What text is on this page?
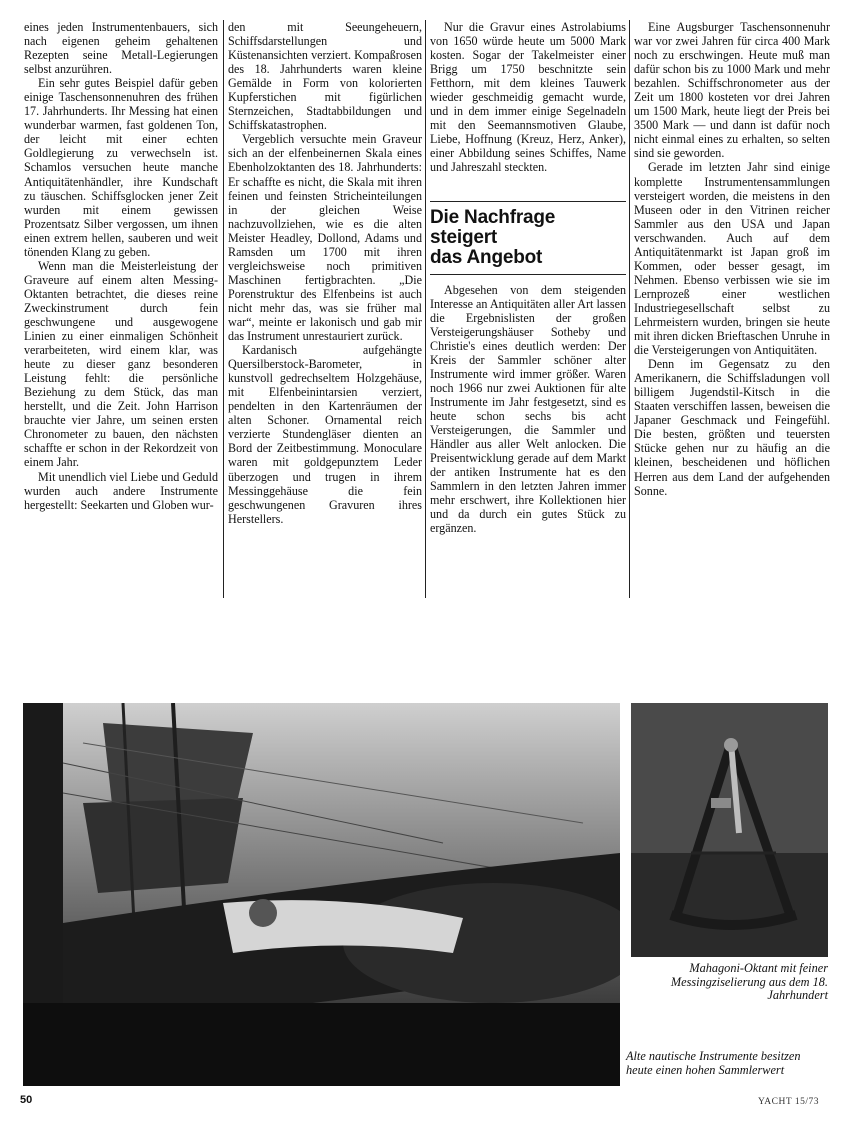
eines jeden Instrumentenbauers, sich nach eigenen geheim gehaltenen Rezepten seine Metall-Legierungen selbst anzurühren.

Ein sehr gutes Beispiel dafür geben einige Taschensonnenuhren des frühen 17. Jahrhunderts. Ihr Messing hat einen wunderbar warmen, fast goldenen Ton, der leicht mit einer echten Goldlegierung zu verwechseln ist. Schamlos versuchen heute manche Antiquitätenhändler, ihre Kundschaft zu täuschen. Schiffsglocken jener Zeit wurden mit einem gewissen Prozentsatz Silber vergossen, um ihnen einen extrem hellen, sauberen und weit tönenden Klang zu geben.

Wenn man die Meisterleistung der Graveure auf einem alten Messing-Oktanten betrachtet, die dieses reine Zweckinstrument durch fein geschwungene und ausgewogene Linien zu einer einmaligen Schönheit verarbeiteten, wird einem klar, was heute zu dieser ganz besonderen Leistung fehlt: die persönliche Beziehung zu dem Stück, das man herstellt, und die Zeit. John Harrison brauchte vier Jahre, um seinen ersten Chronometer zu bauen, den nächsten schaffte er schon in der Rekordzeit von einem Jahr.

Mit unendlich viel Liebe und Geduld wurden auch andere Instrumente hergestellt: Seekarten und Globen wur-

den mit Seeungeheuern, Schiffsdarstellungen und Küstenansichten verziert. Kompaßrosen des 18. Jahrhunderts waren kleine Gemälde in Form von kolorierten Kupferstichen mit figürlichen Sternzeichen, Stadtabbildungen und Schiffskatastrophen.

Vergeblich versuchte mein Graveur sich an der elfenbeinernen Skala eines Ebenholzoktanten des 18. Jahrhunderts: Er schaffte es nicht, die Skala mit ihren feinen und feinsten Stricheinteilungen in der gleichen Weise nachzuvollziehen, wie es die alten Meister Headley, Dollond, Adams und Ramsden um 1700 mit ihren vergleichsweise noch primitiven Maschinen fertigbrachten. „Die Porenstruktur des Elfenbeins ist auch nicht mehr das, was sie früher mal war“, meinte er lakonisch und gab mir das Instrument unrestauriert zurück.

Kardanisch aufgehängte Quersilberstock-Barometer, in kunstvoll gedrechseltem Holzgehäuse, mit Elfenbeinintarsien verziert, pendelten in den Kartenräumen der alten Schoner. Ornamental reich verzierte Stundengläser dienten an Bord der Zeitbestimmung. Monoculare waren mit goldgepunztem Leder überzogen und trugen in ihrem Messinggehäuse die fein geschwungenen Gravuren ihres Herstellers.

Nur die Gravur eines Astrolabiums von 1650 würde heute um 5000 Mark kosten. Sogar der Takelmeister einer Brigg um 1750 beschnitzte sein Fetthorn, mit dem kleines Tauwerk wieder geschmeidig gemacht wurde, und in dem immer einige Segelnadeln mit den Seemannsmotiven Glaube, Liebe, Hoffnung (Kreuz, Herz, Anker), einer Abbildung seines Schiffes, Name und Jahreszahl steckten.

Die Nachfrage
steigert
das Angebot

Abgesehen von dem steigenden Interesse an Antiquitäten aller Art lassen die Ergebnislisten der großen Versteigerungshäuser Sotheby und Christie's eines deutlich werden: Der Kreis der Sammler schöner alter Instrumente wird immer größer. Waren noch 1966 nur zwei Auktionen für alte Instrumente im Jahr festgesetzt, sind es heute schon sechs bis acht Versteigerungen, die Sammler und Händler aus aller Welt anlocken. Die Preisentwicklung gerade auf dem Markt der antiken Instrumente hat es den Sammlern in den letzten Jahren immer mehr erschwert, ihre Kollektionen hier und da durch ein gutes Stück zu ergänzen.

Eine Augsburger Taschensonnenuhr war vor zwei Jahren für circa 400 Mark noch zu erschwingen. Heute muß man dafür schon bis zu 1000 Mark und mehr bezahlen. Schiffschronometer aus der Zeit um 1800 kosteten vor drei Jahren um 1500 Mark, heute liegt der Preis bei 3500 Mark — und dann ist dafür noch nicht einmal eines zu erhalten, so selten sind sie geworden.

Gerade im letzten Jahr sind einige komplette Instrumentensammlungen versteigert worden, die meistens in den Museen oder in den Vitrinen reicher Sammler aus den USA und Japan verschwanden. Auch auf dem Antiquitätenmarkt ist Japan groß im Kommen, oder besser gesagt, im Nehmen. Ebenso verbissen wie sie im Lernprozeß einer westlichen Industriegesellschaft selbst zu Lehrmeistern wurden, bringen sie heute mit ihren dicken Brieftaschen Unruhe in die Versteigerungen von Antiquitäten.

Denn im Gegensatz zu den Amerikanern, die Schiffsladungen voll billigem Jugendstil-Kitsch in die Staaten verschiffen lassen, beweisen die Japaner Geschmack und Feingefühl. Die besten, größten und teuersten Stücke gehen nur zu häufig an die kleinen, bescheidenen und höflichen Herren aus dem Land der aufgehenden Sonne.

Mahagoni-Oktant mit feiner Messingziselierung aus dem 18. Jahrhundert
Alte nautische Instrumente besitzen heute einen hohen Sammlerwert
50	YACHT 15/73
